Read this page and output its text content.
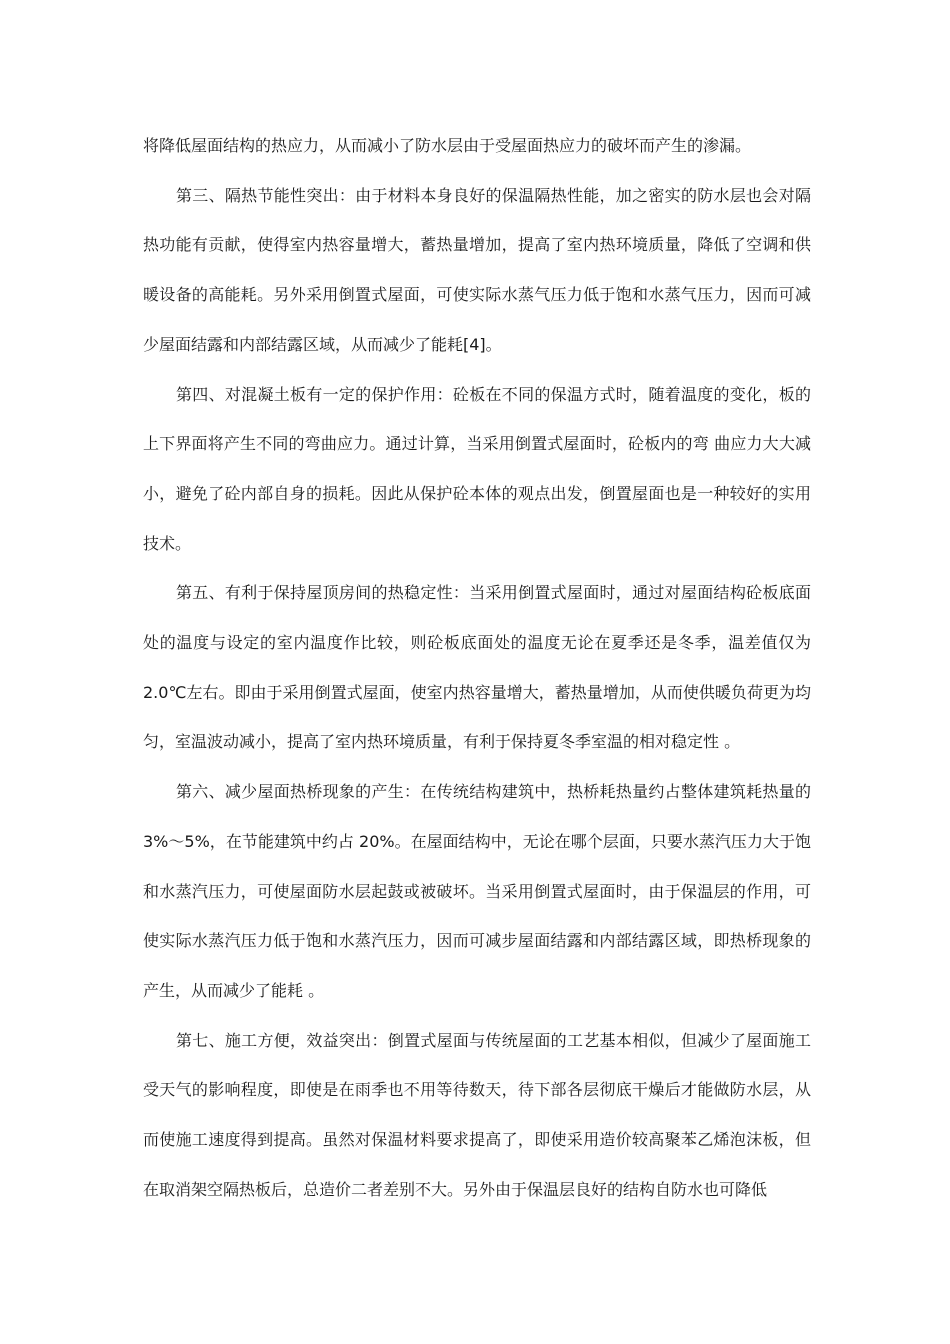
将降低屋面结构的热应力，从而减小了防水层由于受屋面热应力的破坏而产生的渗漏。

第三、隔热节能性突出：由于材料本身良好的保温隔热性能，加之密实的防水层也会对隔热功能有贡献，使得室内热容量增大，蓄热量增加，提高了室内热环境质量，降低了空调和供暖设备的高能耗。另外采用倒置式屋面，可使实际水蒸气压力低于饱和水蒸气压力，因而可减少屋面结露和内部结露区域，从而减少了能耗[4]。

第四、对混凝土板有一定的保护作用：砼板在不同的保温方式时，随着温度的变化，板的上下界面将产生不同的弯曲应力。通过计算，当采用倒置式屋面时，砼板内的弯 曲应力大大减小，避免了砼内部自身的损耗。因此从保护砼本体的观点出发，倒置屋面也是一种较好的实用技术。

第五、有利于保持屋顶房间的热稳定性：当采用倒置式屋面时，通过对屋面结构砼板底面处的温度与设定的室内温度作比较，则砼板底面处的温度无论在夏季还是冬季，温差值仅为 2.0℃左右。即由于采用倒置式屋面，使室内热容量增大，蓄热量增加，从而使供暖负荷更为均匀，室温波动减小，提高了室内热环境质量，有利于保持夏冬季室温的相对稳定性 。

第六、减少屋面热桥现象的产生：在传统结构建筑中，热桥耗热量约占整体建筑耗热量的 3%～5%，在节能建筑中约占 20%。在屋面结构中，无论在哪个层面，只要水蒸汽压力大于饱和水蒸汽压力，可使屋面防水层起鼓或被破坏。当采用倒置式屋面时，由于保温层的作用，可使实际水蒸汽压力低于饱和水蒸汽压力，因而可减步屋面结露和内部结露区域，即热桥现象的产生，从而减少了能耗 。

第七、施工方便，效益突出：倒置式屋面与传统屋面的工艺基本相似，但减少了屋面施工受天气的影响程度，即使是在雨季也不用等待数天，待下部各层彻底干燥后才能做防水层，从而使施工速度得到提高。虽然对保温材料要求提高了，即使采用造价较高聚苯乙烯泡沫板，但在取消架空隔热板后，总造价二者差别不大。另外由于保温层良好的结构自防水也可降低
